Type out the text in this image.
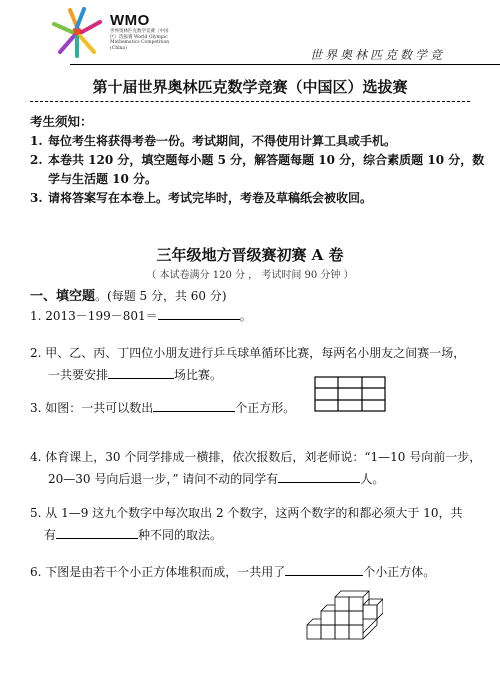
WMO
世界奥林匹克数学竞赛（中国区）选拔赛 World Olympic Mathematics Competition (China)	世界奥林匹克数学竞
第十届世界奥林匹克数学竞赛（中国区）选拔赛
考生须知：
1. 每位考生将获得考卷一份。考试期间，不得使用计算工具或手机。
2. 本卷共 120 分，填空题每小题 5 分，解答题每题 10 分，综合素质题 10 分，数
学与生活题 10 分。
3. 请将答案写在本卷上。考试完毕时，考卷及草稿纸会被收回。
三年级地方晋级赛初赛 A 卷
（ 本试卷满分 120 分 ， 考试时间 90 分钟 ）
一、填空题。(每题 5 分，共 60 分)
1. 2013－199－801＝	。
2. 甲、乙、丙、丁四位小朋友进行乒乓球单循环比赛，每两名小朋友之间赛一场，
一共要安排	场比赛。
3. 如图：一共可以数出	个正方形。
4. 体育课上，30 个同学排成一横排，依次报数后，刘老师说：“1—10 号向前一步，
20—30 号向后退一步，” 请问不动的同学有	人。
5. 从 1—9 这九个数字中每次取出 2 个数字，这两个数字的和都必须大于 10，共
有	种不同的取法。
6. 下图是由若干个小正方体堆积而成，一共用了	个小正方体。
